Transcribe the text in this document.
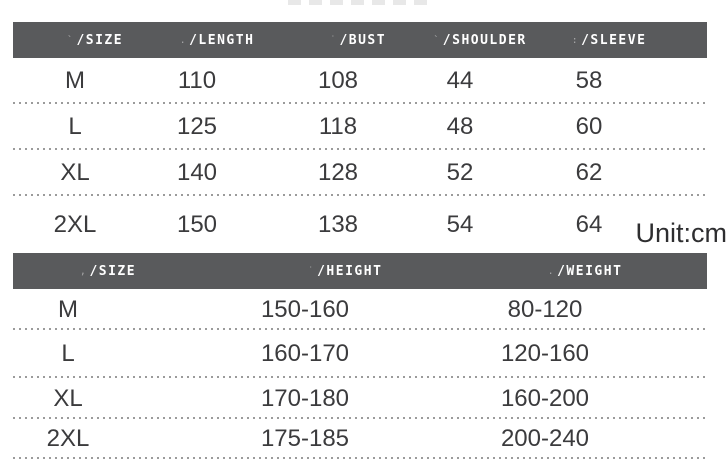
` /SIZE	. /LENGTH	˙ /BUST	` /SHOULDER	: /SLEEVE
M	110	108	44	58
L	125	118	48	60
XL	140	128	52	62
2XL	150	138	54	64	Unit:cm
, /SIZE	˙ /HEIGHT	. /WEIGHT
M	150-160	80-120
L	160-170	120-160
XL	170-180	160-200
2XL	175-185	200-240
